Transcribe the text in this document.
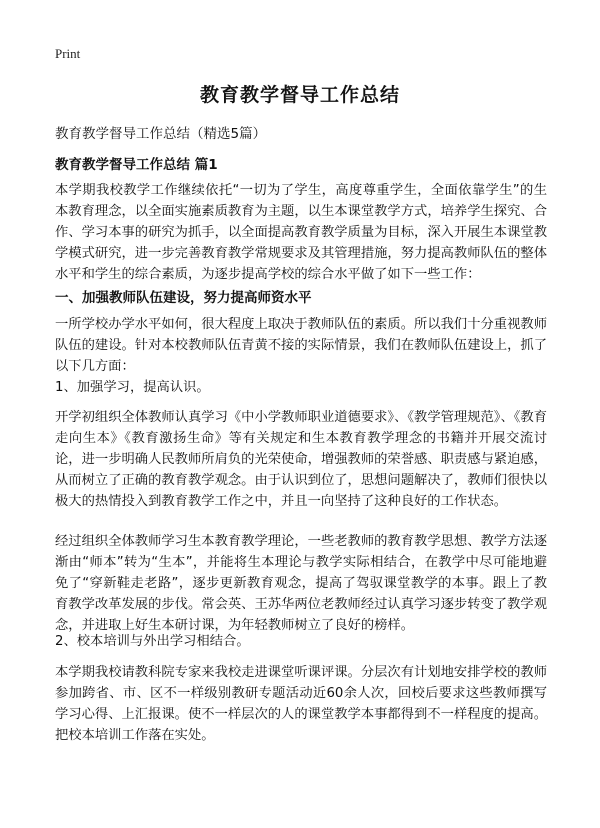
Print
教育教学督导工作总结
教育教学督导工作总结（精选5篇）
教育教学督导工作总结 篇1
本学期我校教学工作继续依托“一切为了学生，高度尊重学生，全面依靠学生”的生本教育理念，以全面实施素质教育为主题，以生本课堂教学方式，培养学生探究、合作、学习本事的研究为抓手，以全面提高教育教学质量为目标，深入开展生本课堂教学模式研究，进一步完善教育教学常规要求及其管理措施，努力提高教师队伍的整体水平和学生的综合素质，为逐步提高学校的综合水平做了如下一些工作：
一、加强教师队伍建设，努力提高师资水平
一所学校办学水平如何，很大程度上取决于教师队伍的素质。所以我们十分重视教师队伍的建设。针对本校教师队伍青黄不接的实际情景，我们在教师队伍建设上，抓了以下几方面：
1、加强学习，提高认识。
开学初组织全体教师认真学习《中小学教师职业道德要求》、《教学管理规范》、《教育走向生本》《教育激扬生命》等有关规定和生本教育教学理念的书籍并开展交流讨论，进一步明确人民教师所肩负的光荣使命，增强教师的荣誉感、职责感与紧迫感，从而树立了正确的教育教学观念。由于认识到位了，思想问题解决了，教师们很快以极大的热情投入到教育教学工作之中，并且一向坚持了这种良好的工作状态。
经过组织全体教师学习生本教育教学理论，一些老教师的教育教学思想、教学方法逐渐由“师本”转为“生本”，并能将生本理论与教学实际相结合，在教学中尽可能地避免了“穿新鞋走老路”，逐步更新教育观念，提高了驾驭课堂教学的本事。跟上了教育教学改革发展的步伐。常会英、王苏华两位老教师经过认真学习逐步转变了教学观念，并进取上好生本研讨课，为年轻教师树立了良好的榜样。
2、校本培训与外出学习相结合。
本学期我校请教科院专家来我校走进课堂听课评课。分层次有计划地安排学校的教师参加跨省、市、区不一样级别教研专题活动近60余人次，回校后要求这些教师撰写学习心得、上汇报课。使不一样层次的人的课堂教学本事都得到不一样程度的提高。把校本培训工作落在实处。
